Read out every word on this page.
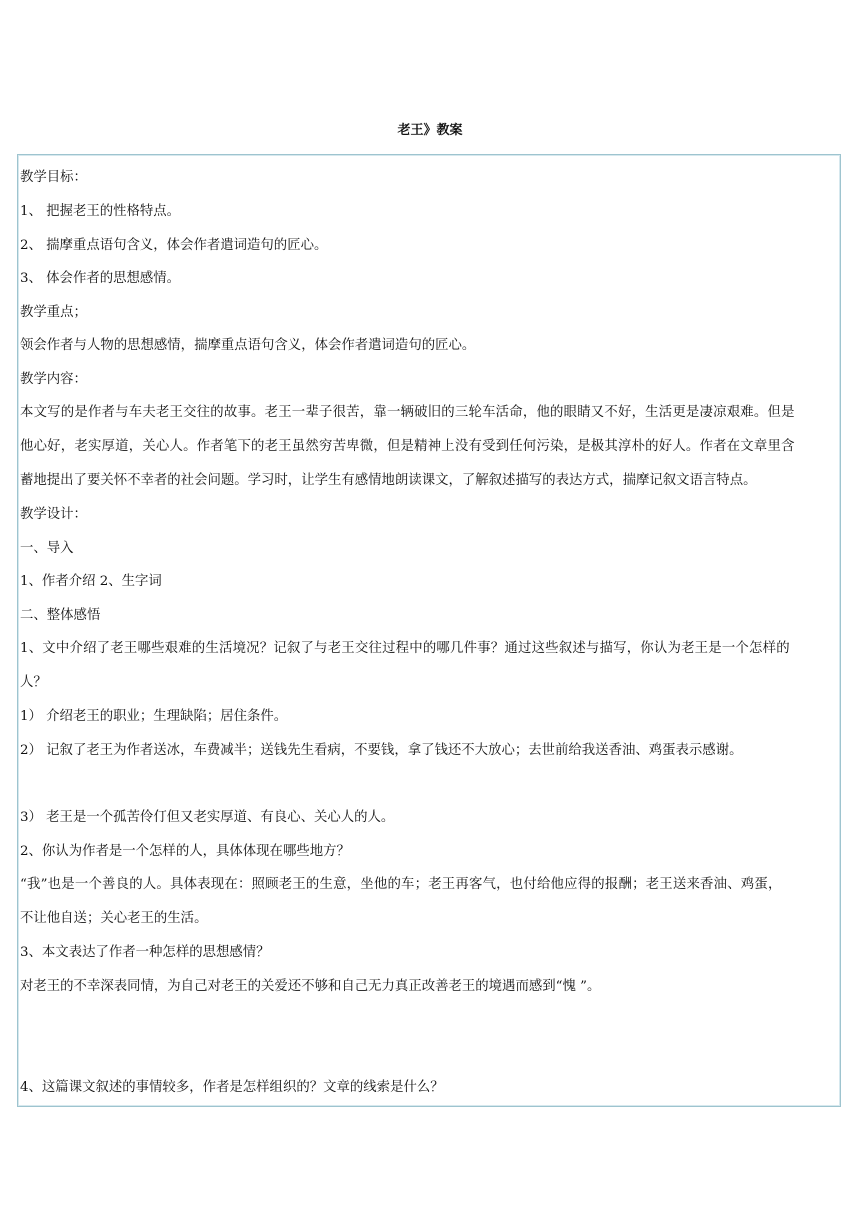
老王》教案
教学目标：
1、 把握老王的性格特点。
2、 揣摩重点语句含义，体会作者遣词造句的匠心。
3、 体会作者的思想感情。
教学重点；
领会作者与人物的思想感情，揣摩重点语句含义，体会作者遣词造句的匠心。
教学内容：
本文写的是作者与车夫老王交往的故事。老王一辈子很苦，靠一辆破旧的三轮车活命，他的眼睛又不好，生活更是凄凉艰难。但是
他心好，老实厚道，关心人。作者笔下的老王虽然穷苦卑微，但是精神上没有受到任何污染，是极其淳朴的好人。作者在文章里含
蓄地提出了要关怀不幸者的社会问题。学习时，让学生有感情地朗读课文，了解叙述描写的表达方式，揣摩记叙文语言特点。
教学设计：
一、导入
1、作者介绍 2、生字词
二、整体感悟
1、文中介绍了老王哪些艰难的生活境况？记叙了与老王交往过程中的哪几件事？通过这些叙述与描写，你认为老王是一个怎样的
人？
1） 介绍老王的职业；生理缺陷；居住条件。
2） 记叙了老王为作者送冰，车费减半；送钱先生看病，不要钱，拿了钱还不大放心；去世前给我送香油、鸡蛋表示感谢。
3） 老王是一个孤苦伶仃但又老实厚道、有良心、关心人的人。
2、你认为作者是一个怎样的人，具体体现在哪些地方？
“我”也是一个善良的人。具体表现在：照顾老王的生意，坐他的车；老王再客气，也付给他应得的报酬；老王送来香油、鸡蛋，
不让他自送；关心老王的生活。
3、本文表达了作者一种怎样的思想感情？
对老王的不幸深表同情，为自己对老王的关爱还不够和自己无力真正改善老王的境遇而感到“愧 ”。
4、这篇课文叙述的事情较多，作者是怎样组织的？文章的线索是什么？
